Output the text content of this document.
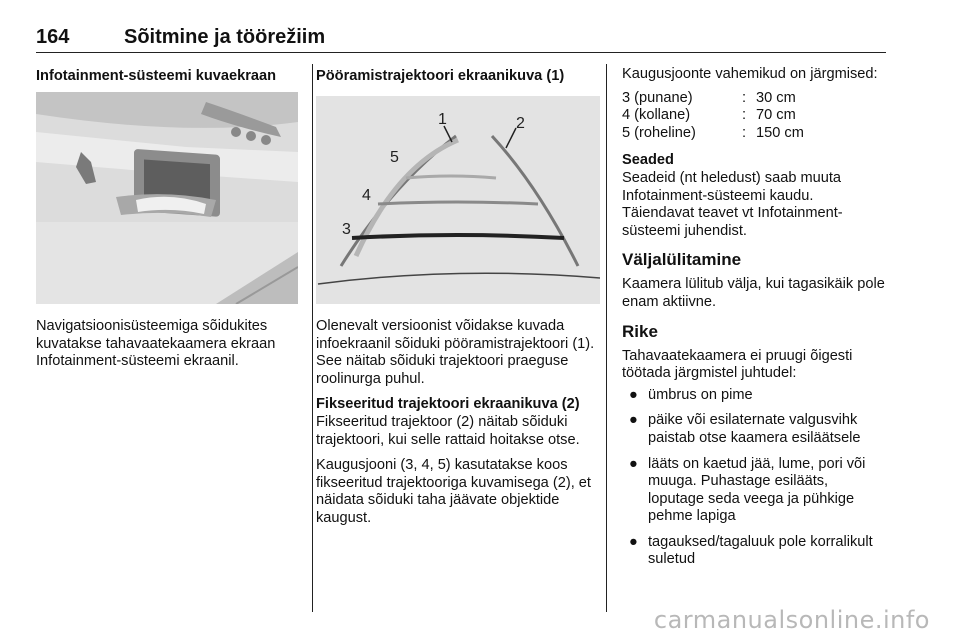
164	Sõitmine ja töörežiim
Infotainment-süsteemi kuvaekraan

Navigatsioonisüsteemiga sõidukites kuvatakse tahavaatekaamera ekraan Infotainment-süsteemi ekraanil.

Pööramistrajektoori ekraanikuva (1)
1	2
5
4
3

Olenevalt versioonist võidakse kuvada infoekraanil sõiduki pööramistrajektoori (1). See näitab sõiduki trajektoori praeguse roolinurga puhul.

Fikseeritud trajektoori ekraanikuva (2)

Fikseeritud trajektoor (2) näitab sõiduki trajektoori, kui selle rattaid hoitakse otse.

Kaugusjooni (3, 4, 5) kasutatakse koos fikseeritud trajektooriga kuvamisega (2), et näidata sõiduki taha jäävate objektide kaugust.

Kaugusjoonte vahemikud on järgmised:
3 (punane)	: 30 cm
4 (kollane)	: 70 cm
5 (roheline)	: 150 cm
Seaded

Seadeid (nt heledust) saab muuta Infotainment-süsteemi kaudu. Täiendavat teavet vt Infotainment-süsteemi juhendist.

Väljalülitamine

Kaamera lülitub välja, kui tagasikäik pole enam aktiivne.

Rike

Tahavaatekaamera ei pruugi õigesti töötada järgmistel juhtudel:

● ümbrus on pime
● päike või esilaternate valgusvihk paistab otse kaamera esiläätsele
● lääts on kaetud jää, lume, pori või muuga. Puhastage esilääts, loputage seda veega ja pühkige pehme lapiga
● tagauksed/tagaluuk pole korralikult suletud
carmanualsonline.info
